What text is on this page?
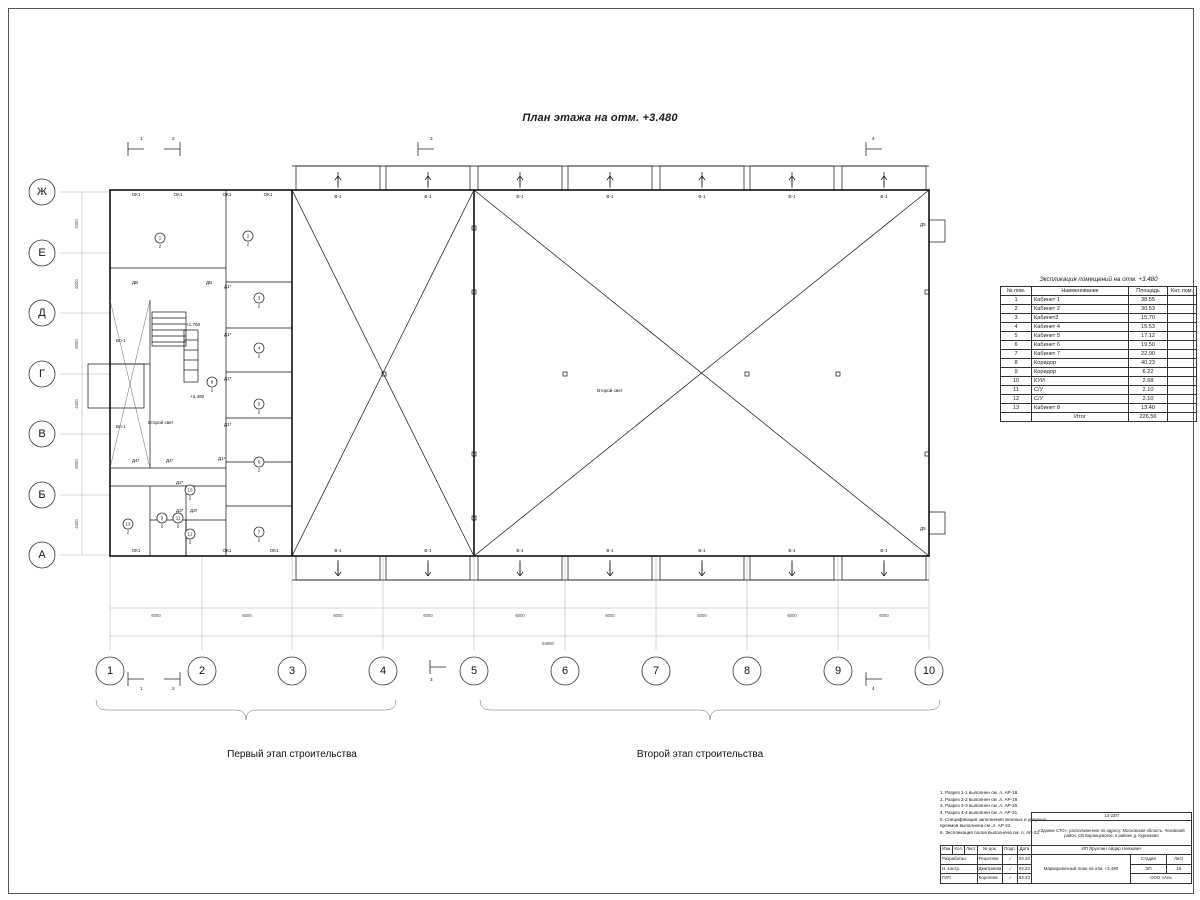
План этажа на отм. +3.480
Ж
Е
Д
Г
В
Б
А
1	2	3	4	5	6	7	8	9	10
6000	6000	6000	6000	6000	6000	6000	6000	6000
54000
4400
6000
6000
4400
6000
4400
1	2	3	4
1	2
3
4
ОК1	ОК1	ОК1	ОК1
ОК1	ОК1	ОК1
В-1	В-1	В-1	В-1	В-1	В-1	В-1
В-1	В-1	В-1	В-1	В-1	В-1	В-1
ДВ	ДВ
Д1*
Д1*
Д1*
Д1*
Д1*
Д4*	Д4*
Д2*
Д3* Д3*
Вп-1
Вп-1
Д5
Д5
+1.760
+3.480
Второй свет
Второй свет
1	2
3
4
5
6
7
8
9
10
11
12
13
2	2
2
2
2
2
2
2
2
2
2
2
2
Первый этап строительства	Второй этап строительства
Экспликация помещений на отм. +3.480
№ пом.	Наименование	Площадь	Кат. пом.
1	Кабинет 1	38.55	
2	Кабинет 2	30.53	
3	Кабинет3	15.70	
4	Кабинет 4	15.53	
5	Кабинет 5	17.12	
6	Кабинет 6	19.50	
7	Кабинет 7	22.90	
8	Коридор	40.23	
9	Коридор	6.22	
10	КУИ	2.68	
11	С/У	2.10	
12	С/У	2.10	
13	Кабинет 8	13.40	
	Итог	226.56	
1. Разрез 1-1 выполнен см. л. АР-18.
2. Разрез 2-2 выполнен см .л. АР-19.
3. Разрез 3-3 выполнен см .л. АР-20.
4. Разрез 4-4 выполнен см .л. АР-21.
5. Спецификация заполнения оконных и дверных
проемов выполнена см .л. АР-22.
6. Экспликация полов выполнена см. л. АР-22.
						13-23П		

						«Здание СТО», расположенное по адресу: Московская область, Чеховский район, СВ Баранцевское, в районе д. Курниково		

Изм.	Кол.	Лист	№ док.	Подп.	Дата	ИП Яруллин Айдар Ниязович		
Разработан			Решетняк	✓	03.23	Маркировочный план на отм. +3.480	Стадия	Лист
Н. контр.			Дмитриева	✓	03.23		ЭП	16
ГИП			Коротеев	✓	03.23		ООО «Аль	
